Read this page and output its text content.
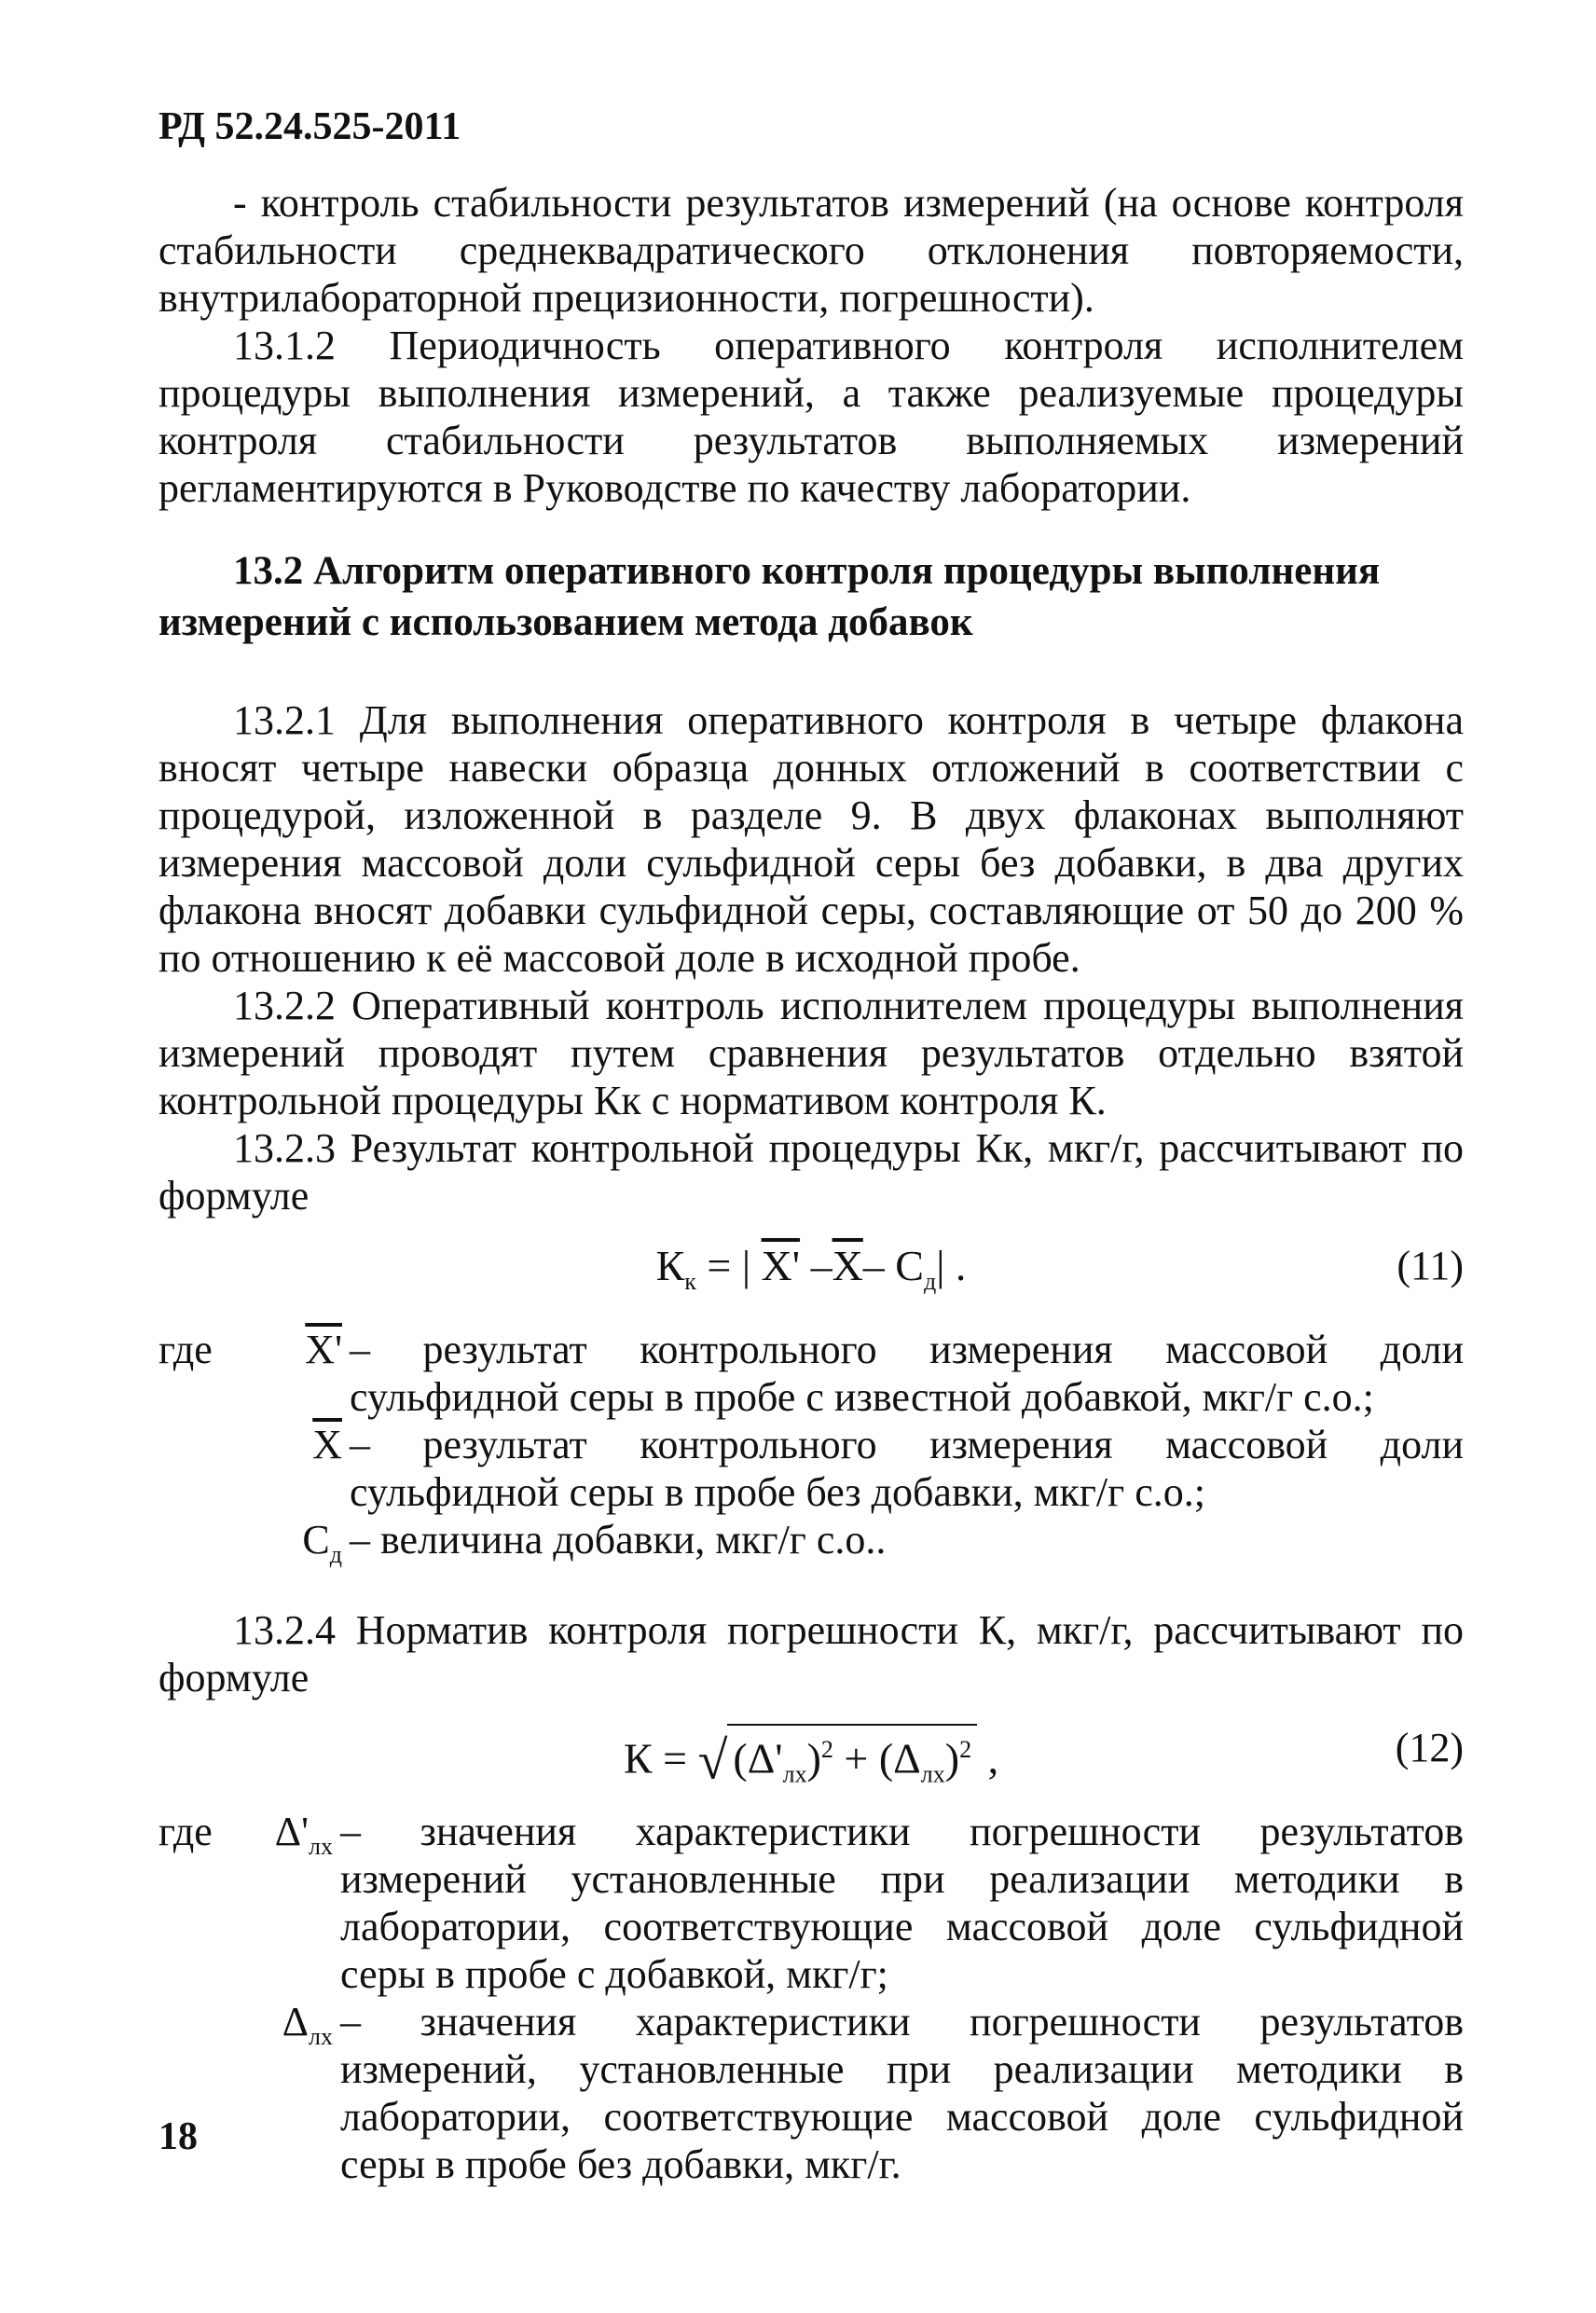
РД 52.24.525-2011

- контроль стабильности результатов измерений (на основе контроля стабильности среднеквадратического отклонения повторяемости, внутрилабораторной прецизионности, погрешности).

13.1.2 Периодичность оперативного контроля исполнителем процедуры выполнения измерений, а также реализуемые процедуры контроля стабильности результатов выполняемых измерений регламентируются в Руководстве по качеству лаборатории.

13.2 Алгоритм оперативного контроля процедуры выполнения
измерений с использованием метода добавок

13.2.1 Для выполнения оперативного контроля в четыре флакона вносят четыре навески образца донных отложений в соответствии с процедурой, изложенной в разделе 9. В двух флаконах выполняют измерения массовой доли сульфидной серы без добавки, в два других флакона вносят добавки сульфидной серы, составляющие от 50 до 200 % по отношению к её массовой доле в исходной пробе.

13.2.2 Оперативный контроль исполнителем процедуры выполнения измерений проводят путем сравнения результатов отдельно взятой контрольной процедуры Кк с нормативом контроля К.

13.2.3 Результат контрольной процедуры Кк, мкг/г, рассчитывают по формуле

$К_к$ = | X' $-\overline{X}-$ $С_д|$ .	(11)
где	X' – результат контрольного измерения массовой доли сульфидной серы в пробе с известной добавкой, мкг/г с.о.;
$\overline{X}$ – результат контрольного измерения массовой доли сульфидной серы в пробе без добавки, мкг/г с.о.;
$С_д$ – величина добавки, мкг/г с.о..

13.2.4 Норматив контроля погрешности К, мкг/г, рассчитывают по формуле

К = √ $(\Delta'_{лх})^2 + (\Delta_{лх})^2$ ,	(12)
где	$\Delta'_{лх}$ – значения характеристики погрешности результатов измерений установленные при реализации методики в лаборатории, соответствующие массовой доле сульфидной серы в пробе с добавкой, мкг/г;
$\Delta_{лх}$ – значения характеристики погрешности результатов измерений, установленные при реализации методики в лаборатории, соответствующие массовой доле сульфидной серы в пробе без добавки, мкг/г.
18
